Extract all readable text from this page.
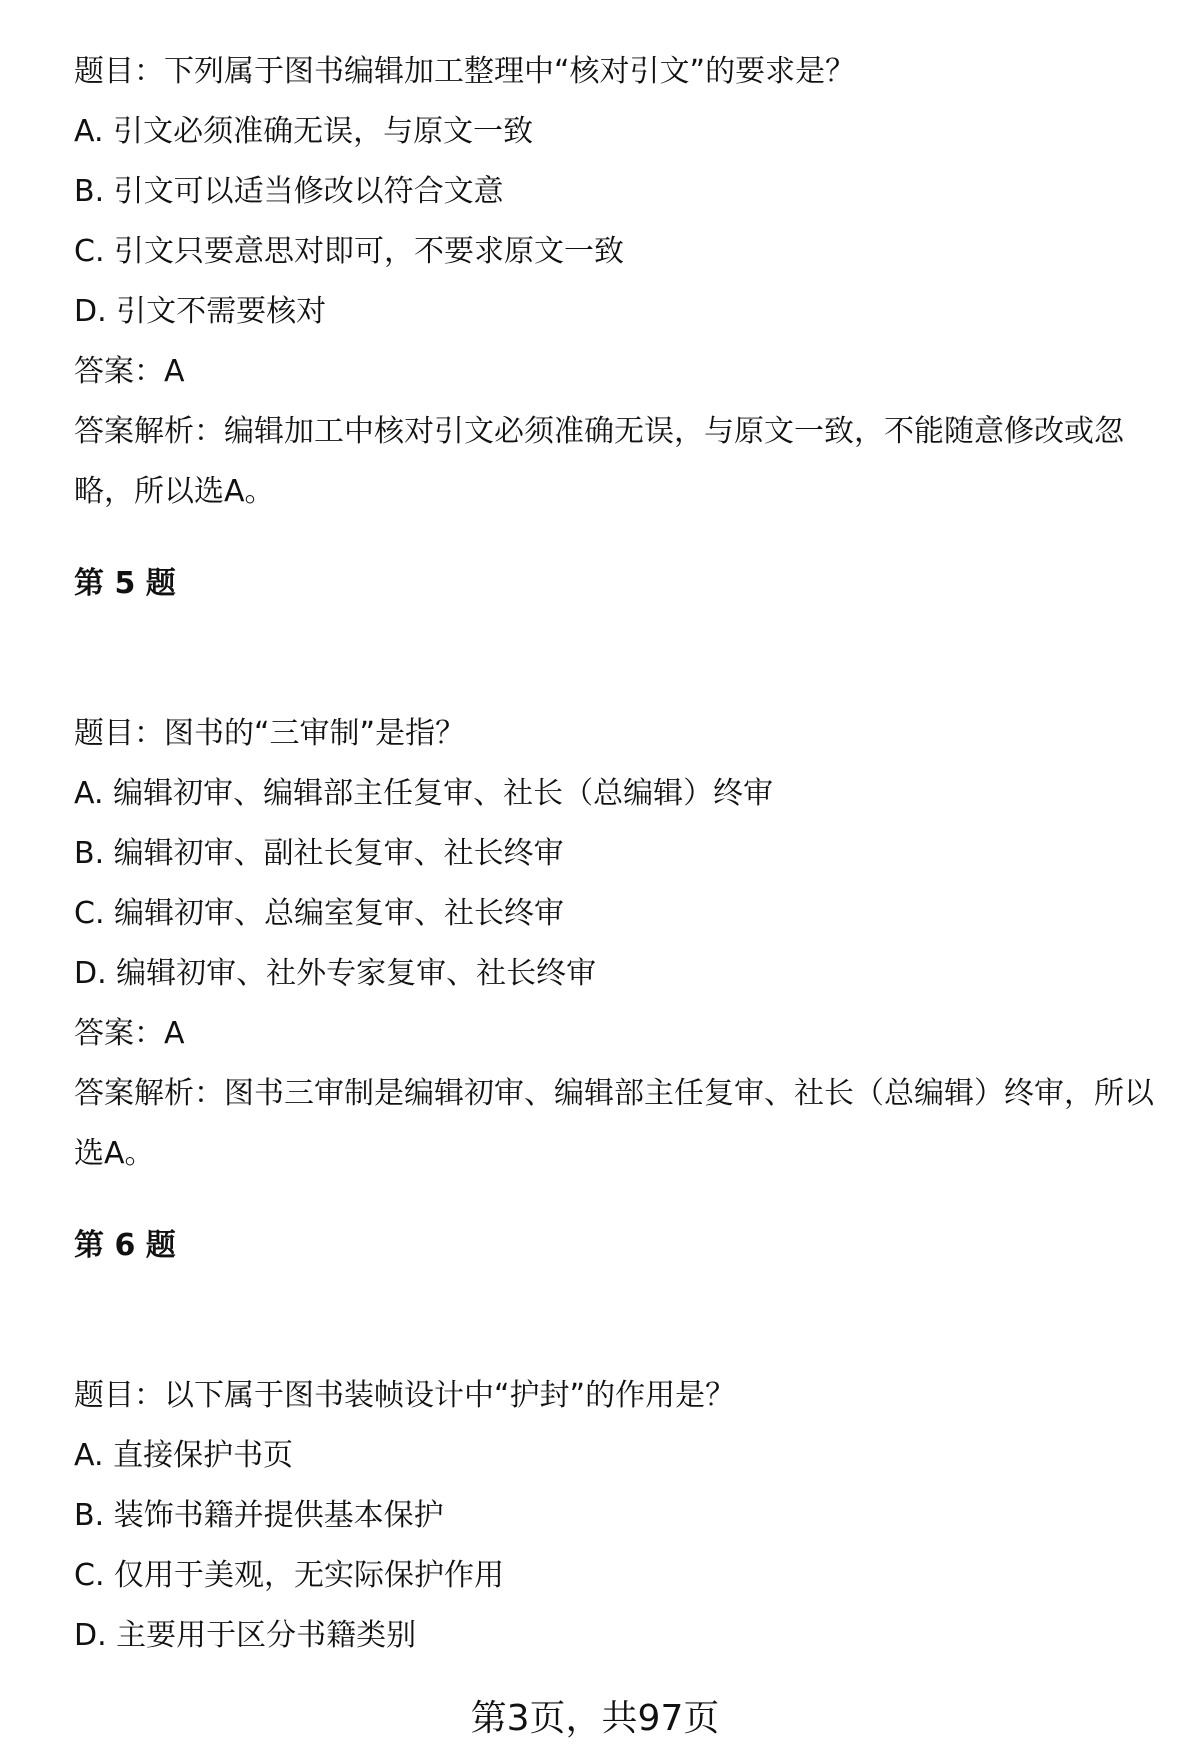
题目：下列属于图书编辑加工整理中“核对引文”的要求是？

A. 引文必须准确无误，与原文一致

B. 引文可以适当修改以符合文意

C. 引文只要意思对即可，不要求原文一致

D. 引文不需要核对

答案：A

答案解析：编辑加工中核对引文必须准确无误，与原文一致，不能随意修改或忽略，所以选A。

第 5 题

题目：图书的“三审制”是指？

A. 编辑初审、编辑部主任复审、社长（总编辑）终审

B. 编辑初审、副社长复审、社长终审

C. 编辑初审、总编室复审、社长终审

D. 编辑初审、社外专家复审、社长终审

答案：A

答案解析：图书三审制是编辑初审、编辑部主任复审、社长（总编辑）终审，所以选A。

第 6 题

题目：以下属于图书装帧设计中“护封”的作用是？

A. 直接保护书页

B. 装饰书籍并提供基本保护

C. 仅用于美观，无实际保护作用

D. 主要用于区分书籍类别

第3页，共97页
